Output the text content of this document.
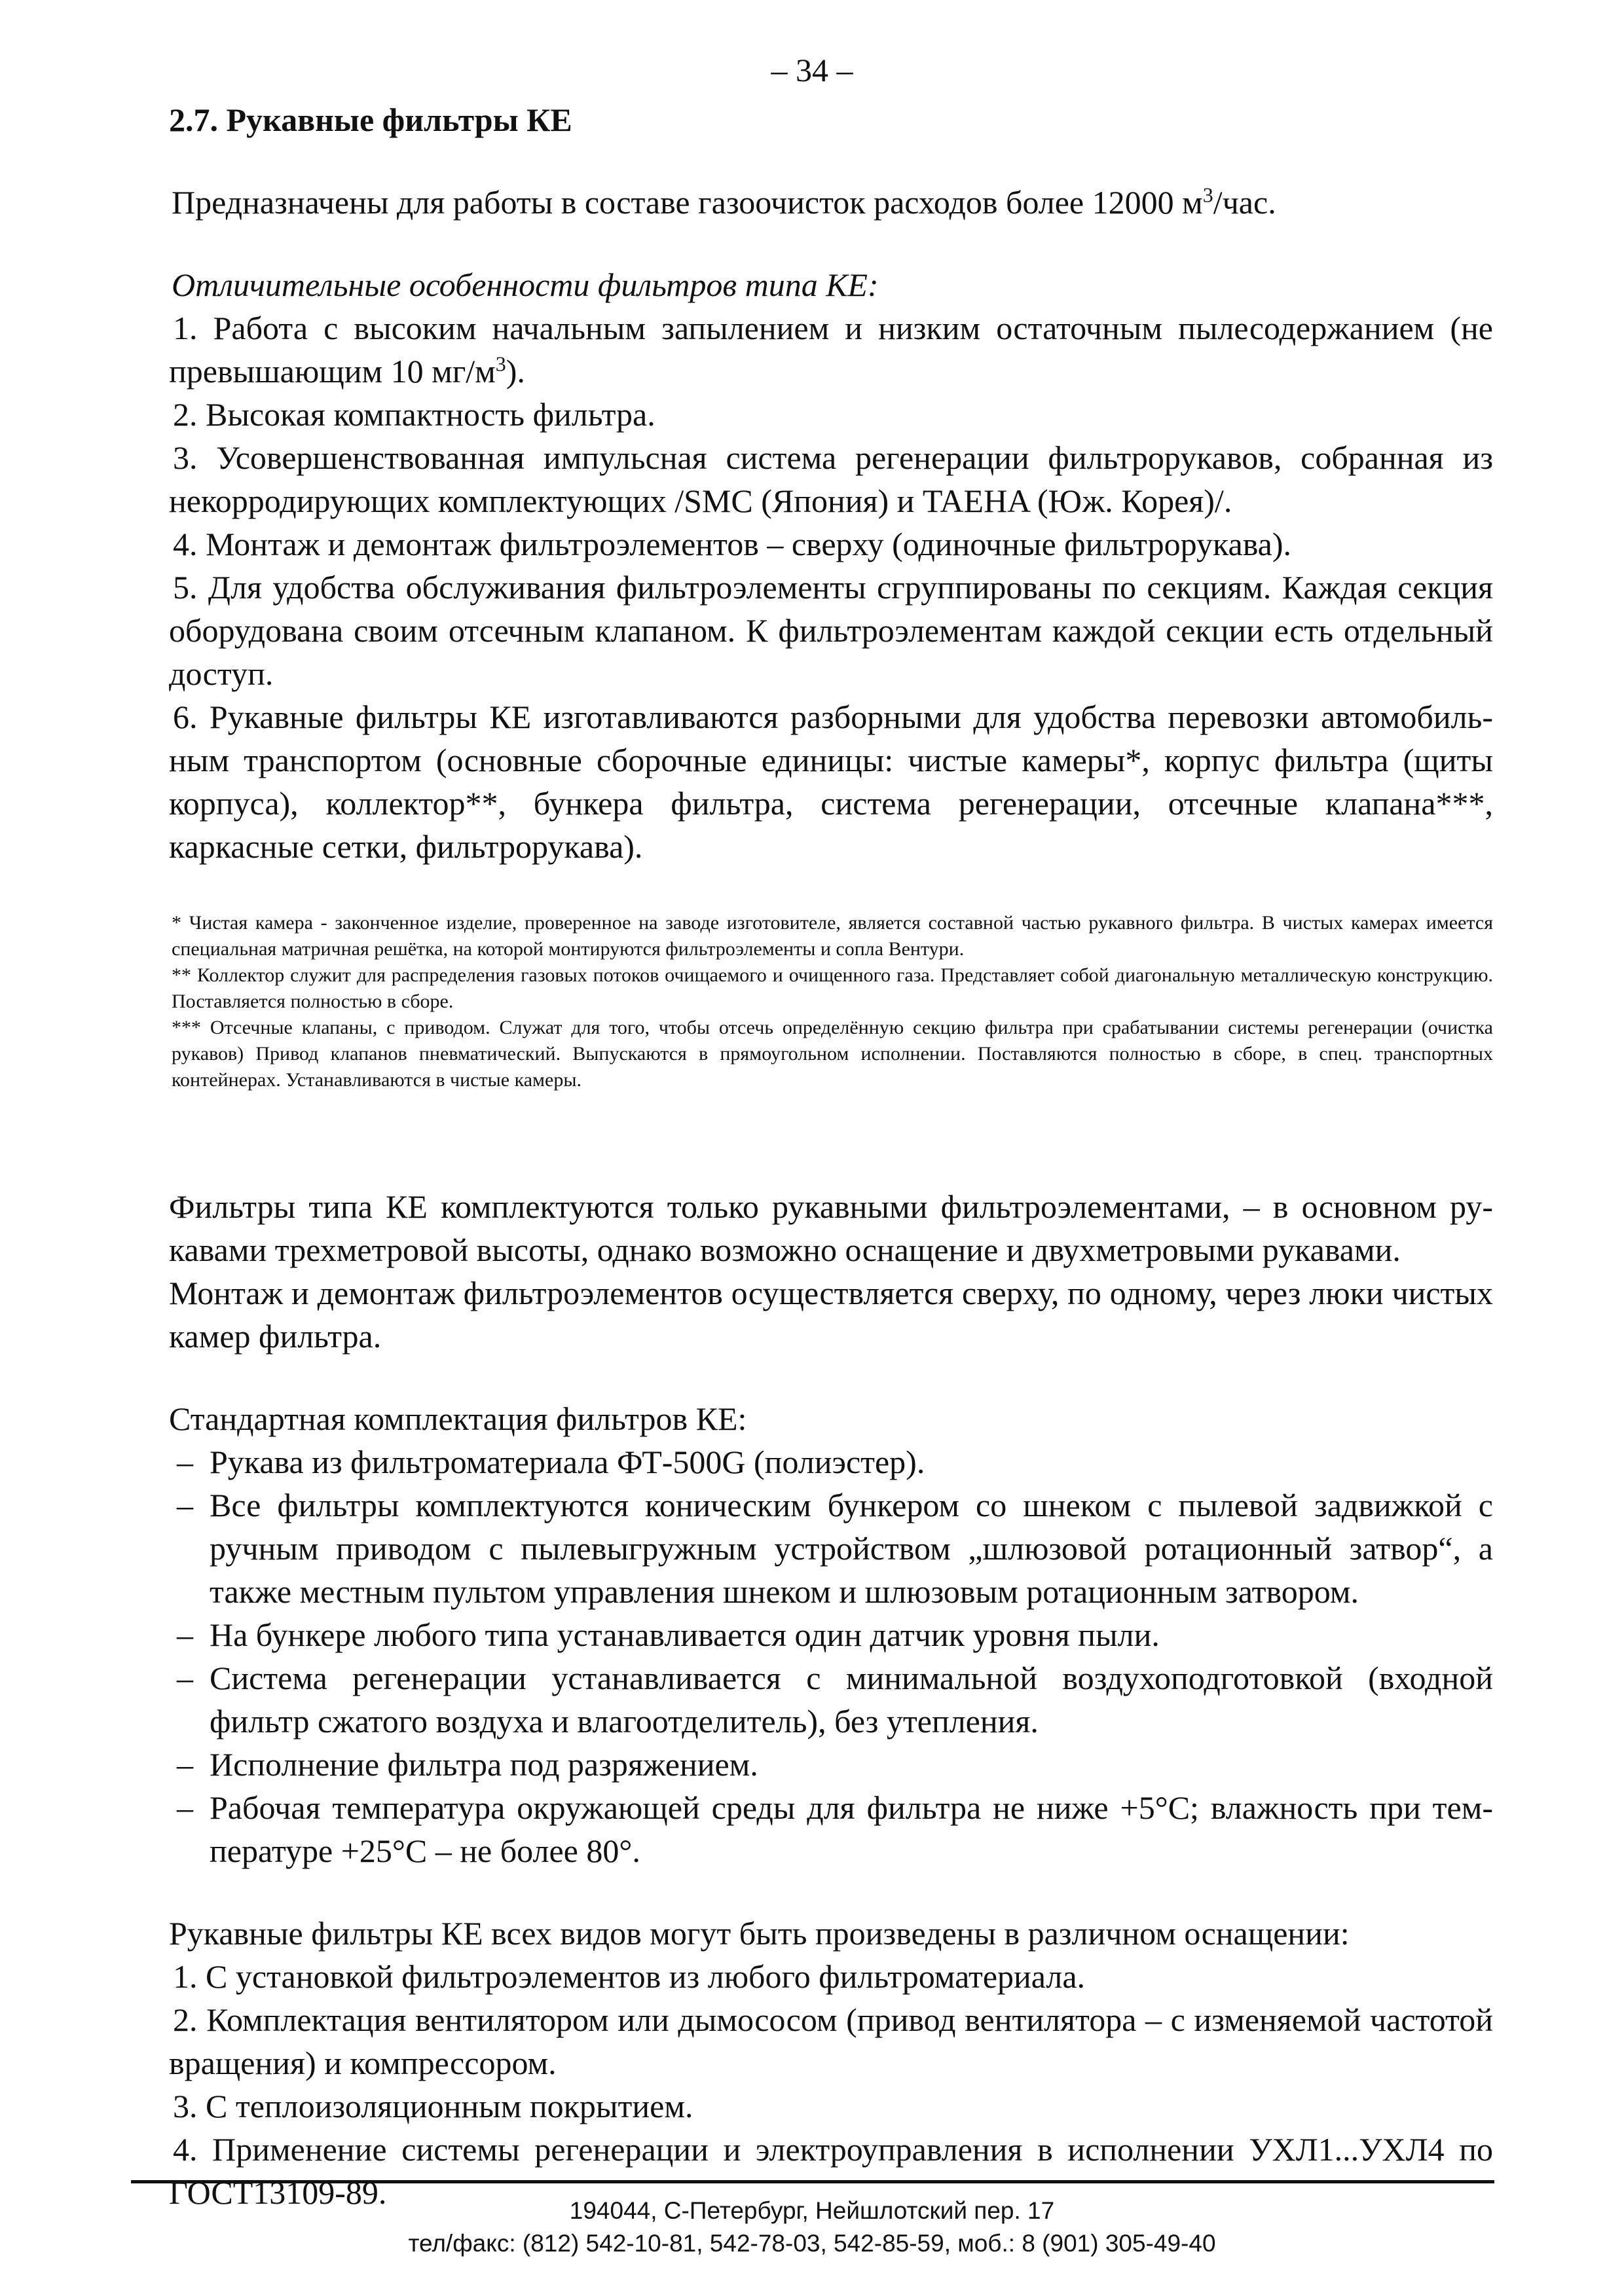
– 34 –

2.7. Рукавные фильтры КЕ

Предназначены для работы в составе газоочисток расходов более 12000 $м^3$/час.

Отличительные особенности фильтров типа КЕ:

1. Работа с высоким начальным запылением и низким остаточным пылесодержанием (не превышающим 10 $мг/м^3$).

2. Высокая компактность фильтра.

3. Усовершенствованная импульсная система регенерации фильтрорукавов, собранная из некорродирующих комплектующих /SMC (Япония) и TAEHA (Юж. Корея)/.

4. Монтаж и демонтаж фильтроэлементов – сверху (одиночные фильтрорукава).

5. Для удобства обслуживания фильтроэлементы сгруппированы по секциям. Каждая секция оборудована своим отсечным клапаном. К фильтроэлементам каждой секции есть отдельный доступ.

6. Рукавные фильтры КЕ изготавливаются разборными для удобства перевозки автомобильным транспортом (основные сборочные единицы: чистые камеры*, корпус фильтра (щиты корпуса), коллектор**, бункера фильтра, система регенерации, отсечные клапана***, каркасные сетки, фильтрорукава).

* Чистая камера - законченное изделие, проверенное на заводе изготовителе, является составной частью рукавного фильтра. В чистых камерах имеется специальная матричная решётка, на которой монтируются фильтроэлементы и сопла Вентури.

** Коллектор служит для распределения газовых потоков очищаемого и очищенного газа. Представляет собой диагональную металлическую конструкцию. Поставляется полностью в сборе.

*** Отсечные клапаны, с приводом. Служат для того, чтобы отсечь определённую секцию фильтра при срабатывании системы регенерации (очистка рукавов) Привод клапанов пневматический. Выпускаются в прямоугольном исполнении. Поставляются полностью в сборе, в спец. транспортных контейнерах. Устанавливаются в чистые камеры.

Фильтры типа КЕ комплектуются только рукавными фильтроэлементами, – в основном рукавами трехметровой высоты, однако возможно оснащение и двухметровыми рукавами.

Монтаж и демонтаж фильтроэлементов осуществляется сверху, по одному, через люки чистых камер фильтра.

Стандартная комплектация фильтров КЕ:

– Рукава из фильтроматериала ФТ-500G (полиэстер).
– Все фильтры комплектуются коническим бункером со шнеком с пылевой задвижкой с ручным приводом с пылевыгружным устройством „шлюзовой ротационный затвор“, а также местным пультом управления шнеком и шлюзовым ротационным затвором.
– На бункере любого типа устанавливается один датчик уровня пыли.
– Система регенерации устанавливается с минимальной воздухоподготовкой (входной фильтр сжатого воздуха и влагоотделитель), без утепления.
– Исполнение фильтра под разряжением.
– Рабочая температура окружающей среды для фильтра не ниже +5°С; влажность при температуре +25°С – не более 80°.

Рукавные фильтры КЕ всех видов могут быть произведены в различном оснащении:

1. С установкой фильтроэлементов из любого фильтроматериала.

2. Комплектация вентилятором или дымососом (привод вентилятора – с изменяемой частотой вращения) и компрессором.

3. С теплоизоляционным покрытием.

4. Применение системы регенерации и электроуправления в исполнении УХЛ1...УХЛ4 по ГОСТ13109-89.	194044, С-Петербург, Нейшлотский пер. 17
тел/факс: (812) 542-10-81, 542-78-03, 542-85-59, моб.: 8 (901) 305-49-40
